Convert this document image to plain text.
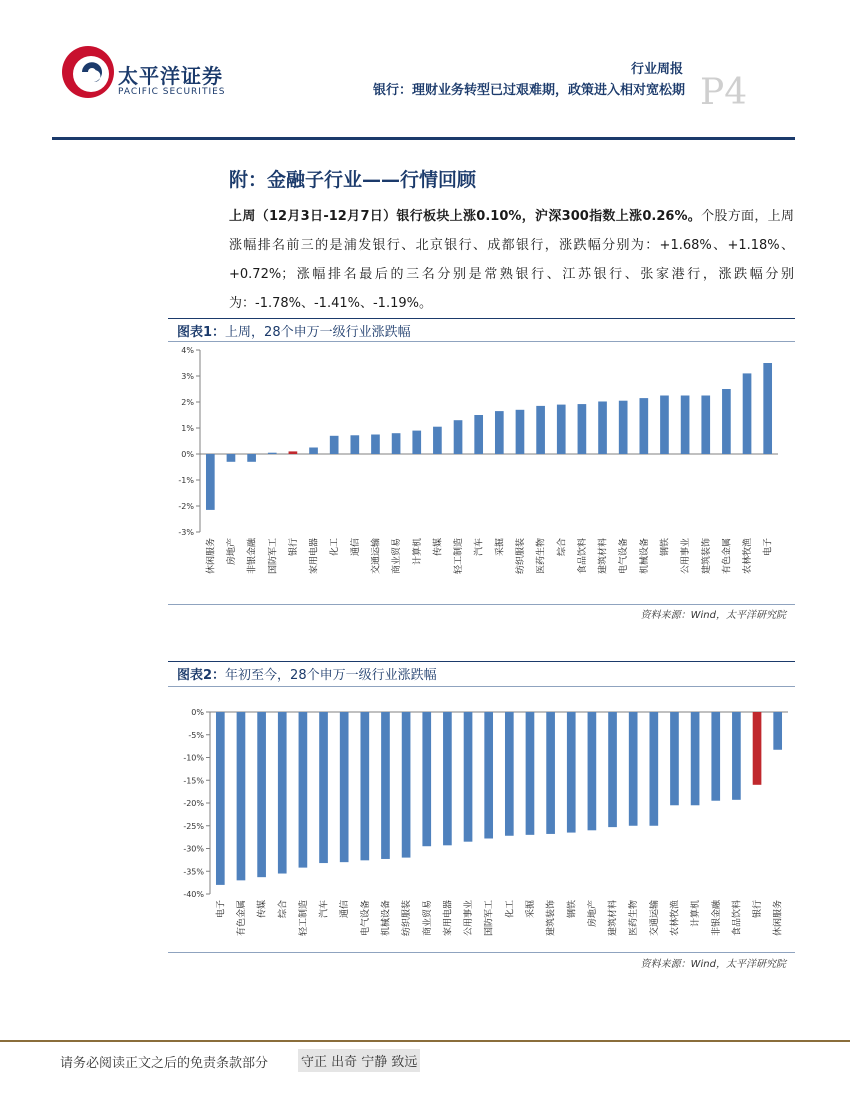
太平洋证券
PACIFIC SECURITIES
行业周报
银行：理财业务转型已过艰难期，政策进入相对宽松期 P4
附：金融子行业——行情回顾
上周（12月3日-12月7日）银行板块上涨0.10%，沪深300指数上涨0.26%。个股方面，上周涨幅排名前三的是浦发银行、北京银行、成都银行，涨跌幅分别为：+1.68%、+1.18%、+0.72%；涨幅排名最后的三名分别是常熟银行、江苏银行、张家港行，涨跌幅分别为：-1.78%、-1.41%、-1.19%。
图表1：上周，28个申万一级行业涨跌幅
-3%
-2%
-1%
0%
1%
2%
3%
4%
休闲服务 房地产 非银金融 国防军工 银行 家用电器 化工 通信 交通运输 商业贸易 计算机 传媒 轻工制造 汽车 采掘 纺织服装 医药生物 综合 食品饮料 建筑材料 电气设备 机械设备 钢铁 公用事业 建筑装饰 有色金属 农林牧渔 电子
资料来源：Wind，太平洋研究院
图表2：年初至今，28个申万一级行业涨跌幅
0%
-5%
-10%
-15%
-20%
-25%
-30%
-35%
-40%
电子 有色金属 传媒 综合 轻工制造 汽车 通信 电气设备 机械设备 纺织服装 商业贸易 家用电器 公用事业 国防军工 化工 采掘 建筑装饰 钢铁 房地产 建筑材料 医药生物 交通运输 农林牧渔 计算机 非银金融 食品饮料 银行 休闲服务
资料来源：Wind，太平洋研究院
请务必阅读正文之后的免责条款部分	守正 出奇 宁静 致远
